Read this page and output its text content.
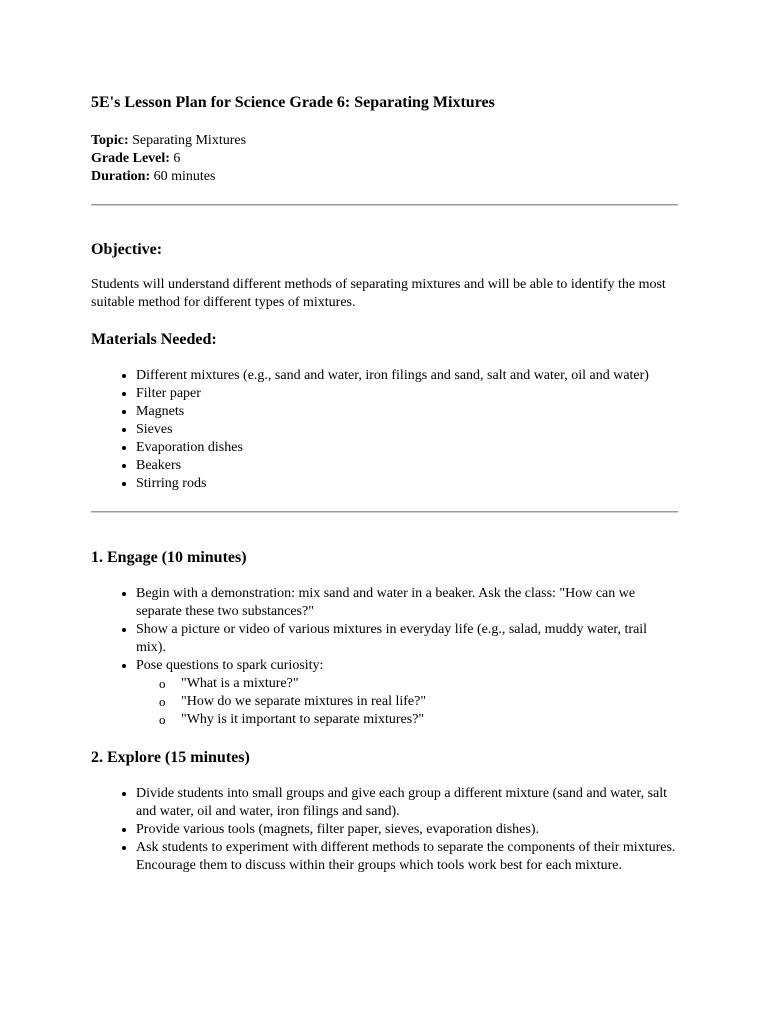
5E's Lesson Plan for Science Grade 6: Separating Mixtures

Topic: Separating Mixtures

Grade Level: 6

Duration: 60 minutes

Objective:

Students will understand different methods of separating mixtures and will be able to identify the most suitable method for different types of mixtures.

Materials Needed:
• Different mixtures (e.g., sand and water, iron filings and sand, salt and water, oil and water)
• Filter paper
• Magnets
• Sieves
• Evaporation dishes
• Beakers
• Stirring rods
1. Engage (10 minutes)
• Begin with a demonstration: mix sand and water in a beaker. Ask the class: "How can we separate these two substances?"
• Show a picture or video of various mixtures in everyday life (e.g., salad, muddy water, trail mix).
• Pose questions to spark curiosity:
o "What is a mixture?"
o "How do we separate mixtures in real life?"
o "Why is it important to separate mixtures?"
2. Explore (15 minutes)
• Divide students into small groups and give each group a different mixture (sand and water, salt and water, oil and water, iron filings and sand).
• Provide various tools (magnets, filter paper, sieves, evaporation dishes).
• Ask students to experiment with different methods to separate the components of their mixtures. Encourage them to discuss within their groups which tools work best for each mixture.
